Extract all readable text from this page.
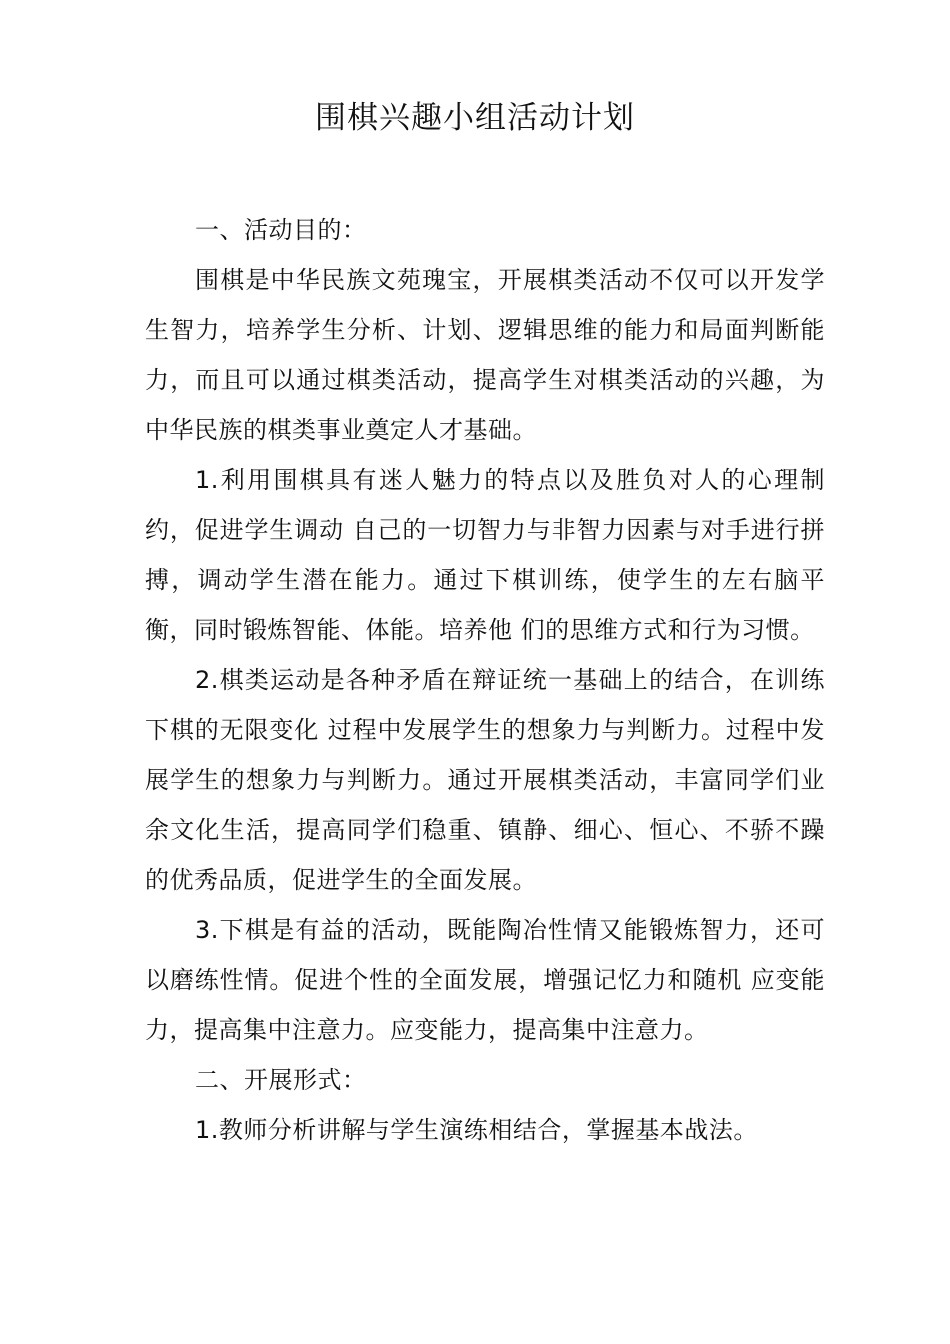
围棋兴趣小组活动计划

一、活动目的：

围棋是中华民族文苑瑰宝，开展棋类活动不仅可以开发学生智力，培养学生分析、计划、逻辑思维的能力和局面判断能力，而且可以通过棋类活动，提高学生对棋类活动的兴趣，为中华民族的棋类事业奠定人才基础。

1.利用围棋具有迷人魅力的特点以及胜负对人的心理制约，促进学生调动 自己的一切智力与非智力因素与对手进行拼搏，调动学生潜在能力。通过下棋训练，使学生的左右脑平衡，同时锻炼智能、体能。培养他 们的思维方式和行为习惯。

2.棋类运动是各种矛盾在辩证统一基础上的结合，在训练下棋的无限变化 过程中发展学生的想象力与判断力。过程中发展学生的想象力与判断力。通过开展棋类活动，丰富同学们业余文化生活，提高同学们稳重、镇静、细心、恒心、不骄不躁的优秀品质，促进学生的全面发展。

3.下棋是有益的活动，既能陶冶性情又能锻炼智力，还可以磨练性情。促进个性的全面发展，增强记忆力和随机 应变能力，提高集中注意力。应变能力，提高集中注意力。

二、开展形式：

1.教师分析讲解与学生演练相结合，掌握基本战法。
